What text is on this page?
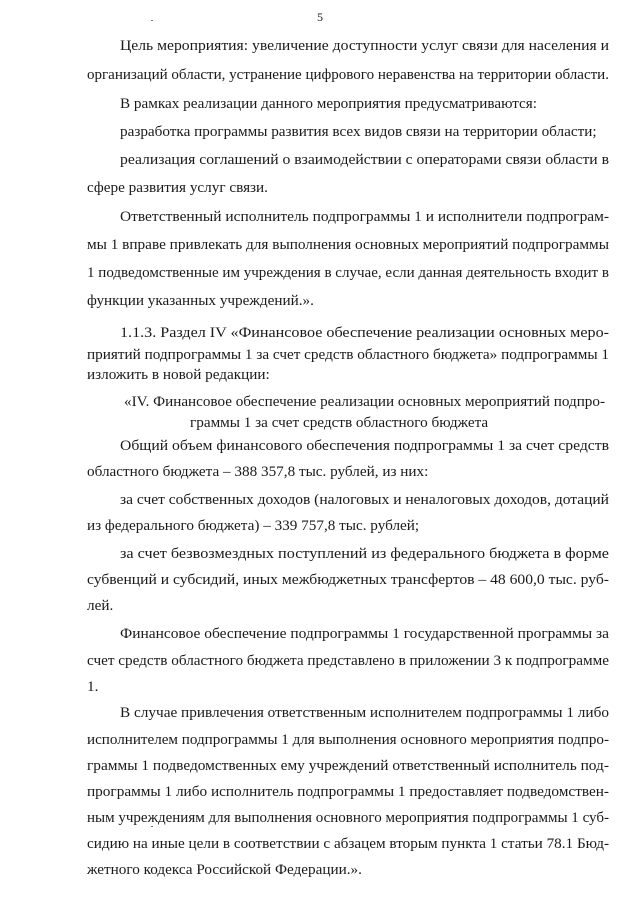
5
Цель мероприятия: увеличение доступности услуг связи для населения и
организаций области, устранение цифрового неравенства на территории области.
В рамках реализации данного мероприятия предусматриваются:
разработка программы развития всех видов связи на территории области;
реализация соглашений о взаимодействии с операторами связи области в
сфере развития услуг связи.
Ответственный исполнитель подпрограммы 1 и исполнители подпрограм-
мы 1 вправе привлекать для выполнения основных мероприятий подпрограммы
1 подведомственные им учреждения в случае, если данная деятельность входит в
функции указанных учреждений.».
1.1.3. Раздел IV «Финансовое обеспечение реализации основных меро-
приятий подпрограммы 1 за счет средств областного бюджета» подпрограммы 1
изложить в новой редакции:
«IV. Финансовое обеспечение реализации основных мероприятий подпро-
граммы 1 за счет средств областного бюджета
Общий объем финансового обеспечения подпрограммы 1 за счет средств
областного бюджета – 388 357,8 тыс. рублей, из них:
за счет собственных доходов (налоговых и неналоговых доходов, дотаций
из федерального бюджета) – 339 757,8 тыс. рублей;
за счет безвозмездных поступлений из федерального бюджета в форме
субвенций и субсидий, иных межбюджетных трансфертов – 48 600,0 тыс. руб-
лей.
Финансовое обеспечение подпрограммы 1 государственной программы за
счет средств областного бюджета представлено в приложении 3 к подпрограмме
1.
В случае привлечения ответственным исполнителем подпрограммы 1 либо
исполнителем подпрограммы 1 для выполнения основного мероприятия подпро-
граммы 1 подведомственных ему учреждений ответственный исполнитель под-
программы 1 либо исполнитель подпрограммы 1 предоставляет подведомствен-
ным учреждениям для выполнения основного мероприятия подпрограммы 1 суб-
сидию на иные цели в соответствии с абзацем вторым пункта 1 статьи 78.1 Бюд-
жетного кодекса Российской Федерации.».
